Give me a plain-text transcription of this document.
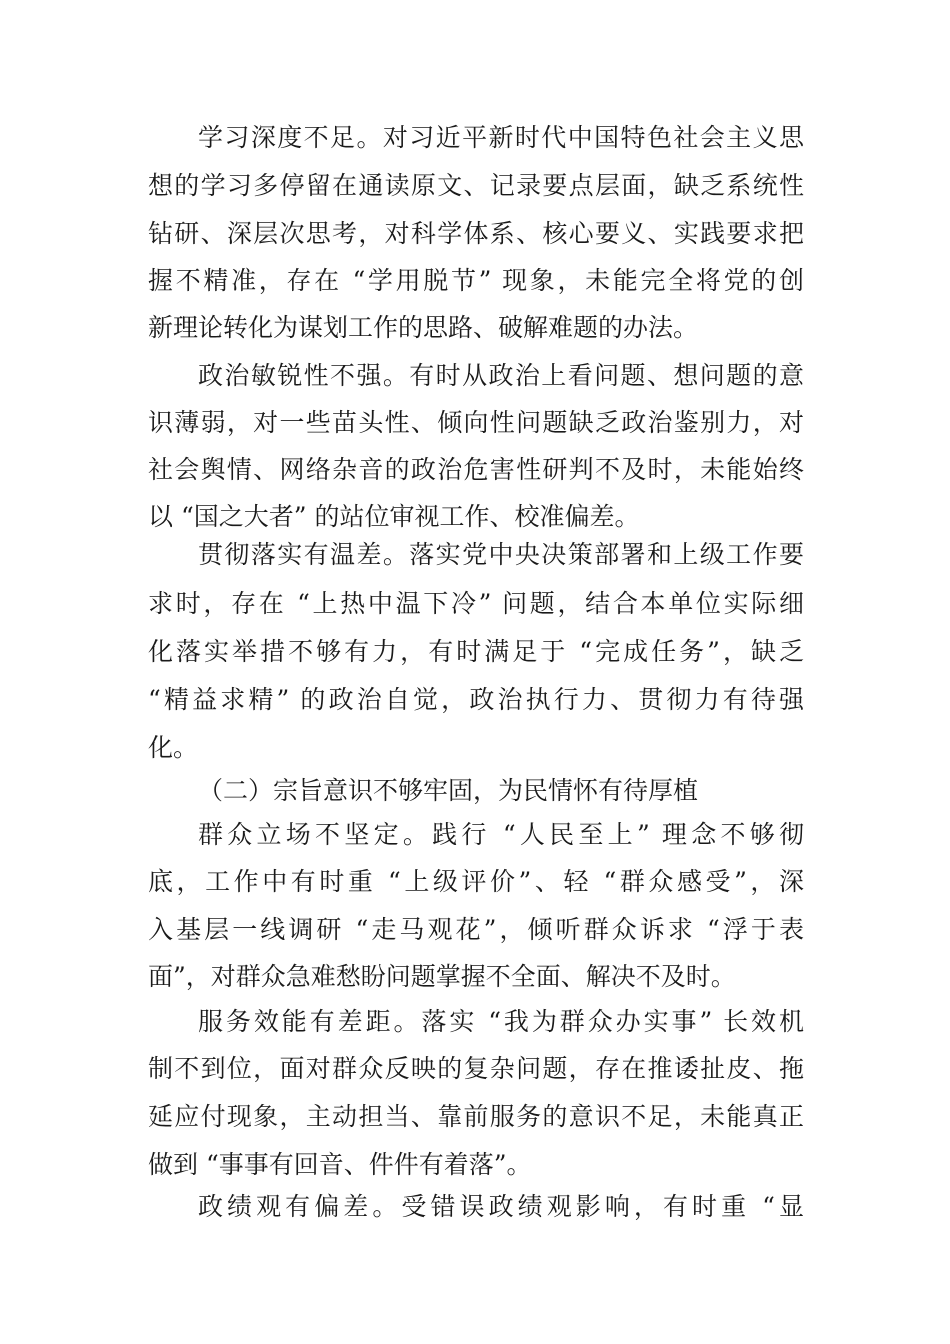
学习深度不足。对习近平新时代中国特色社会主义思
想的学习多停留在通读原文、记录要点层面，缺乏系统性
钻研、深层次思考，对科学体系、核心要义、实践要求把
握不精准，存在 “学用脱节” 现象，未能完全将党的创
新理论转化为谋划工作的思路、破解难题的办法。
政治敏锐性不强。有时从政治上看问题、想问题的意
识薄弱，对一些苗头性、倾向性问题缺乏政治鉴别力，对
社会舆情、网络杂音的政治危害性研判不及时，未能始终
以 “国之大者” 的站位审视工作、校准偏差。
贯彻落实有温差。落实党中央决策部署和上级工作要
求时，存在 “上热中温下冷” 问题，结合本单位实际细
化落实举措不够有力，有时满足于 “完成任务”，缺乏
“精益求精” 的政治自觉，政治执行力、贯彻力有待强
化。
（二）宗旨意识不够牢固，为民情怀有待厚植
群众立场不坚定。践行 “人民至上” 理念不够彻
底，工作中有时重 “上级评价”、轻 “群众感受”，深
入基层一线调研 “走马观花”，倾听群众诉求 “浮于表
面”，对群众急难愁盼问题掌握不全面、解决不及时。
服务效能有差距。落实 “我为群众办实事” 长效机
制不到位，面对群众反映的复杂问题，存在推诿扯皮、拖
延应付现象，主动担当、靠前服务的意识不足，未能真正
做到 “事事有回音、件件有着落”。
政绩观有偏差。受错误政绩观影响，有时重 “显
